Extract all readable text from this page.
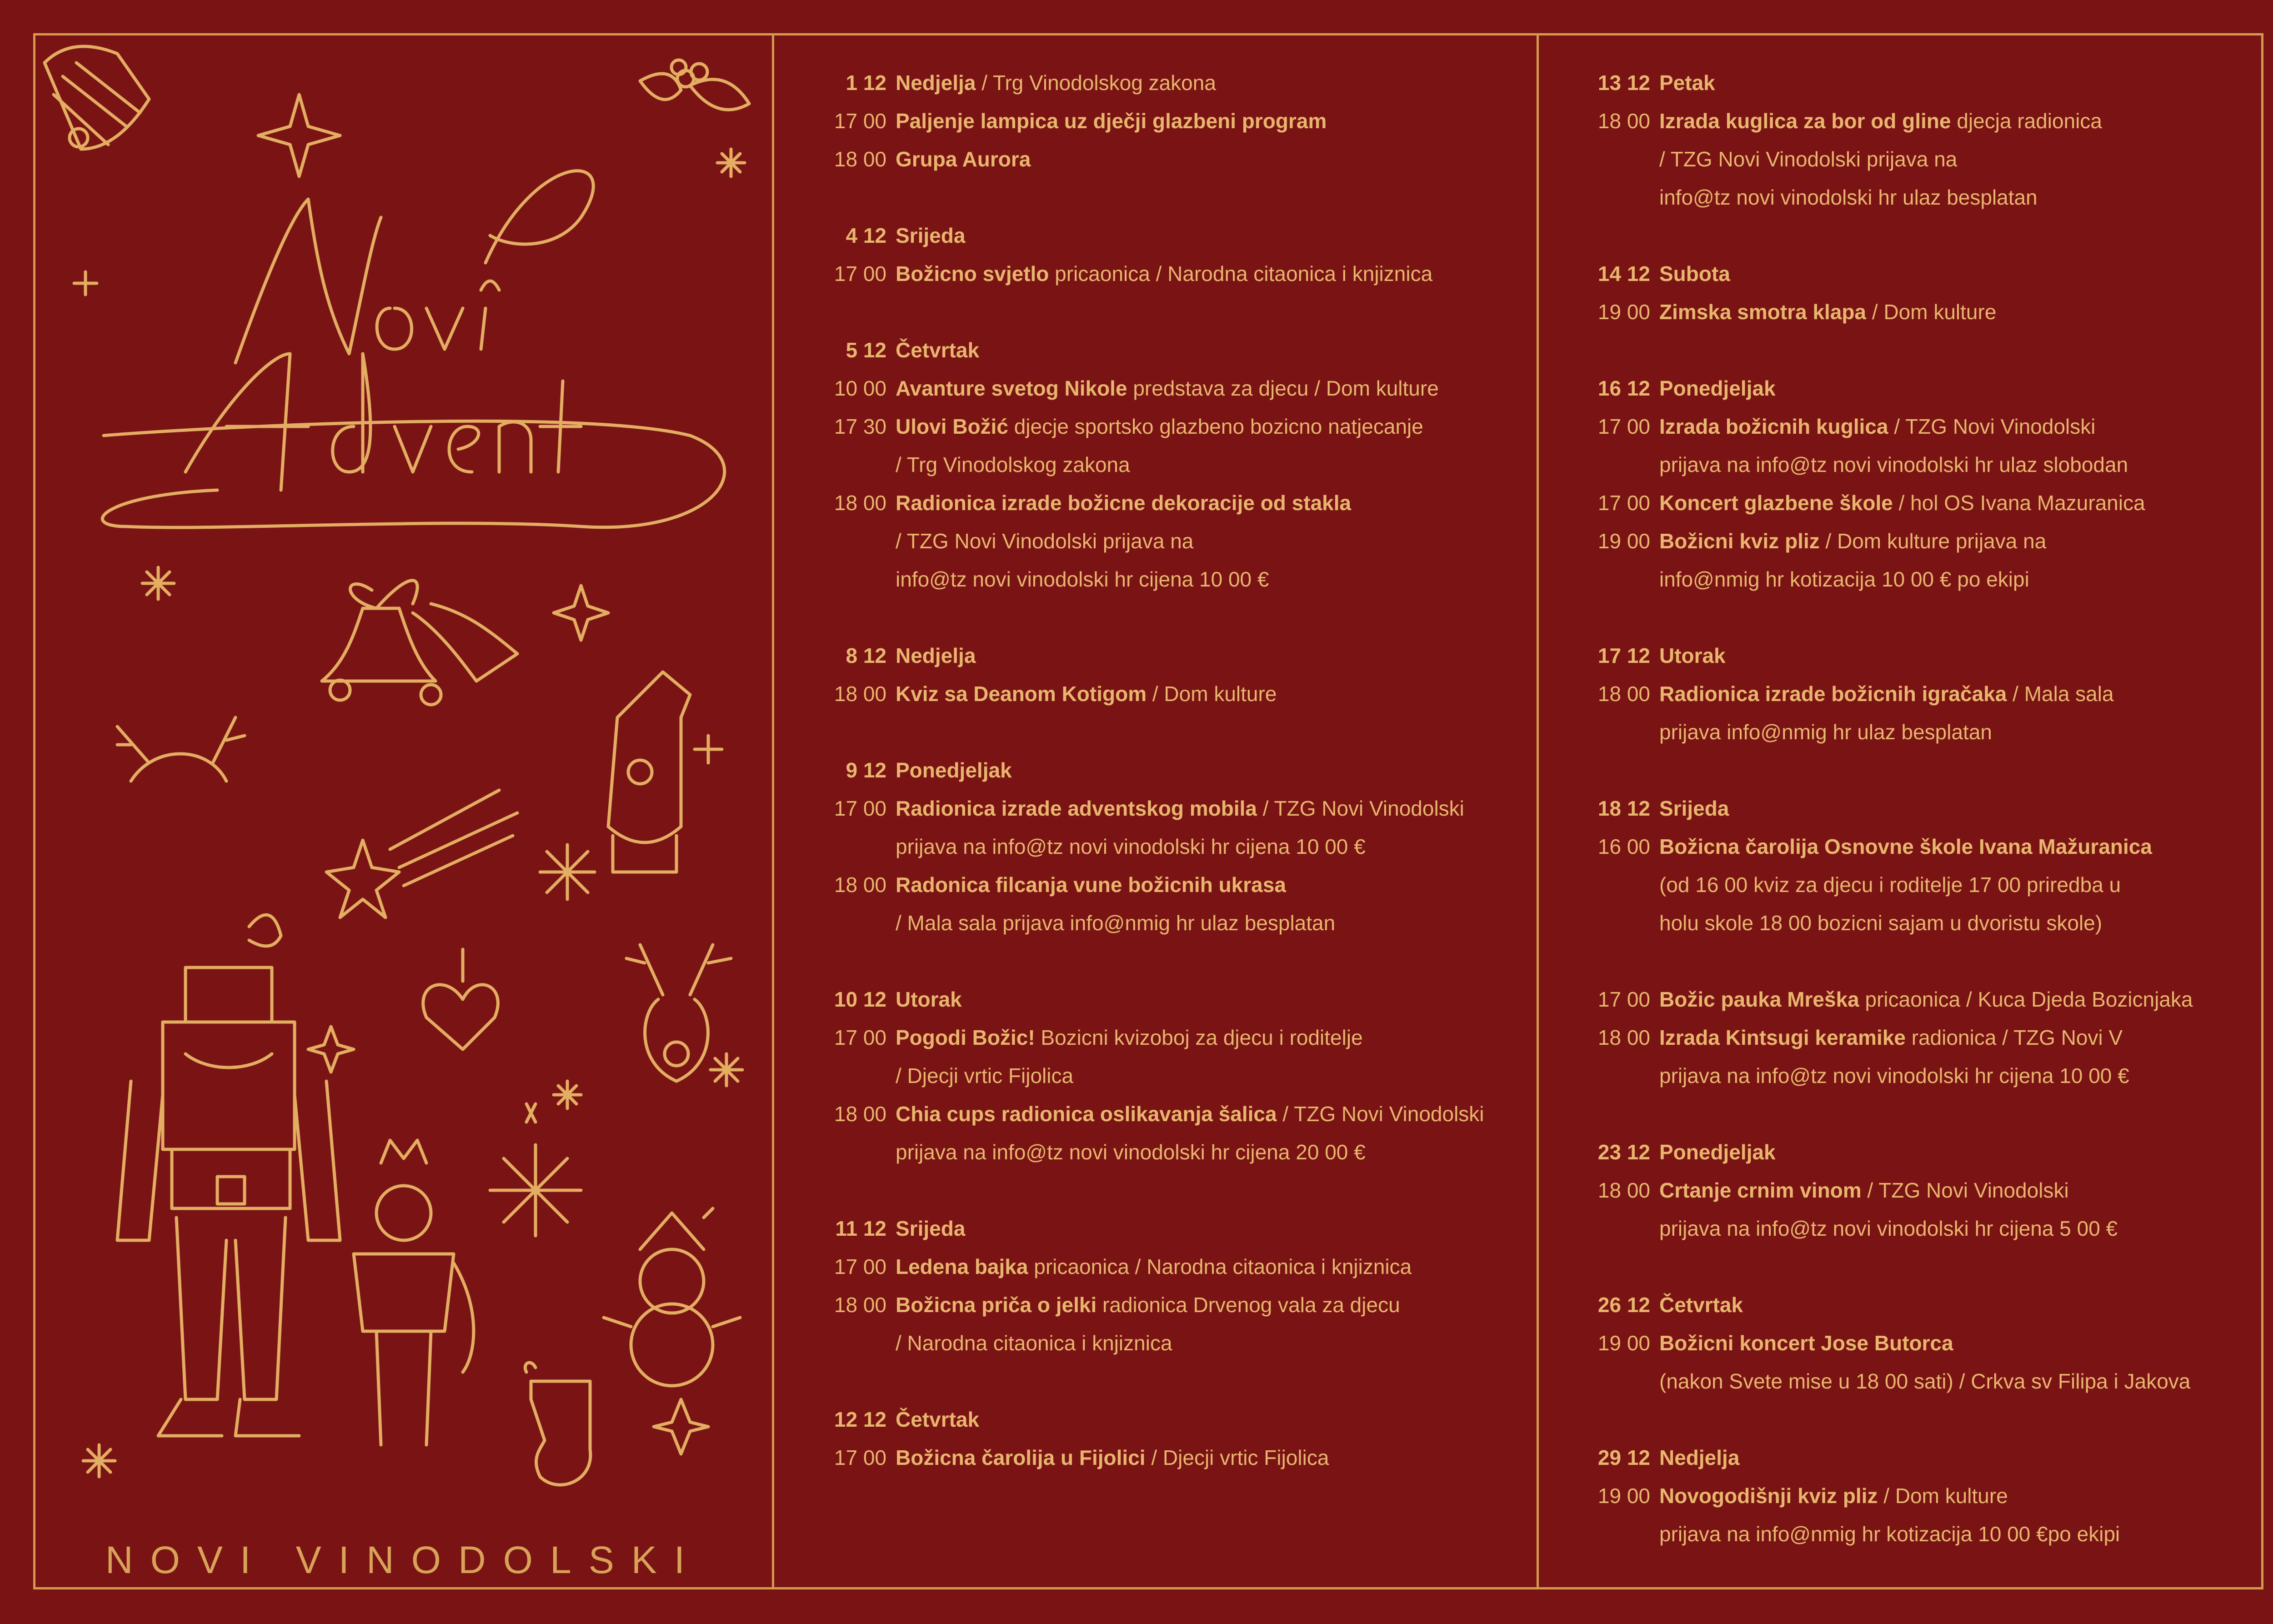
NOVI VINODOLSKI
1 12 Nedjelja / Trg Vinodolskog zakona
17 00 Paljenje lampica uz dječji glazbeni program
18 00 Grupa Aurora
4 12 Srijeda
17 00 Božicno svjetlo pricaonica / Narodna citaonica i knjiznica
5 12 Četvrtak
10 00 Avanture svetog Nikole predstava za djecu / Dom kulture
17 30 Ulovi Božić djecje sportsko glazbeno bozicno natjecanje
/ Trg Vinodolskog zakona
18 00 Radionica izrade božicne dekoracije od stakla
/ TZG Novi Vinodolski prijava na
info@tz novi vinodolski hr cijena 10 00 €
8 12 Nedjelja
18 00 Kviz sa Deanom Kotigom / Dom kulture
9 12 Ponedjeljak
17 00 Radionica izrade adventskog mobila / TZG Novi Vinodolski
prijava na info@tz novi vinodolski hr cijena 10 00 €
18 00 Radonica filcanja vune božicnih ukrasa
/ Mala sala prijava info@nmig hr ulaz besplatan
10 12 Utorak
17 00 Pogodi Božic! Bozicni kvizoboj za djecu i roditelje
/ Djecji vrtic Fijolica
18 00 Chia cups radionica oslikavanja šalica / TZG Novi Vinodolski
prijava na info@tz novi vinodolski hr cijena 20 00 €
11 12 Srijeda
17 00 Ledena bajka pricaonica / Narodna citaonica i knjiznica
18 00 Božicna priča o jelki radionica Drvenog vala za djecu
/ Narodna citaonica i knjiznica
12 12 Četvrtak
17 00 Božicna čarolija u Fijolici / Djecji vrtic Fijolica
13 12 Petak
18 00 Izrada kuglica za bor od gline djecja radionica
/ TZG Novi Vinodolski prijava na
info@tz novi vinodolski hr ulaz besplatan
14 12 Subota
19 00 Zimska smotra klapa / Dom kulture
16 12 Ponedjeljak
17 00 Izrada božicnih kuglica / TZG Novi Vinodolski
prijava na info@tz novi vinodolski hr ulaz slobodan
17 00 Koncert glazbene škole / hol OS Ivana Mazuranica
19 00 Božicni kviz pliz / Dom kulture prijava na
info@nmig hr kotizacija 10 00 € po ekipi
17 12 Utorak
18 00 Radionica izrade božicnih igračaka / Mala sala
prijava info@nmig hr ulaz besplatan
18 12 Srijeda
16 00 Božicna čarolija Osnovne škole Ivana Mažuranica
(od 16 00 kviz za djecu i roditelje 17 00 priredba u
holu skole 18 00 bozicni sajam u dvoristu skole)
17 00 Božic pauka Mreška pricaonica / Kuca Djeda Bozicnjaka
18 00 Izrada Kintsugi keramike radionica / TZG Novi V
prijava na info@tz novi vinodolski hr cijena 10 00 €
23 12 Ponedjeljak
18 00 Crtanje crnim vinom / TZG Novi Vinodolski
prijava na info@tz novi vinodolski hr cijena 5 00 €
26 12 Četvrtak
19 00 Božicni koncert Jose Butorca
(nakon Svete mise u 18 00 sati) / Crkva sv Filipa i Jakova
29 12 Nedjelja
19 00 Novogodišnji kviz pliz / Dom kulture
prijava na info@nmig hr kotizacija 10 00 €po ekipi
